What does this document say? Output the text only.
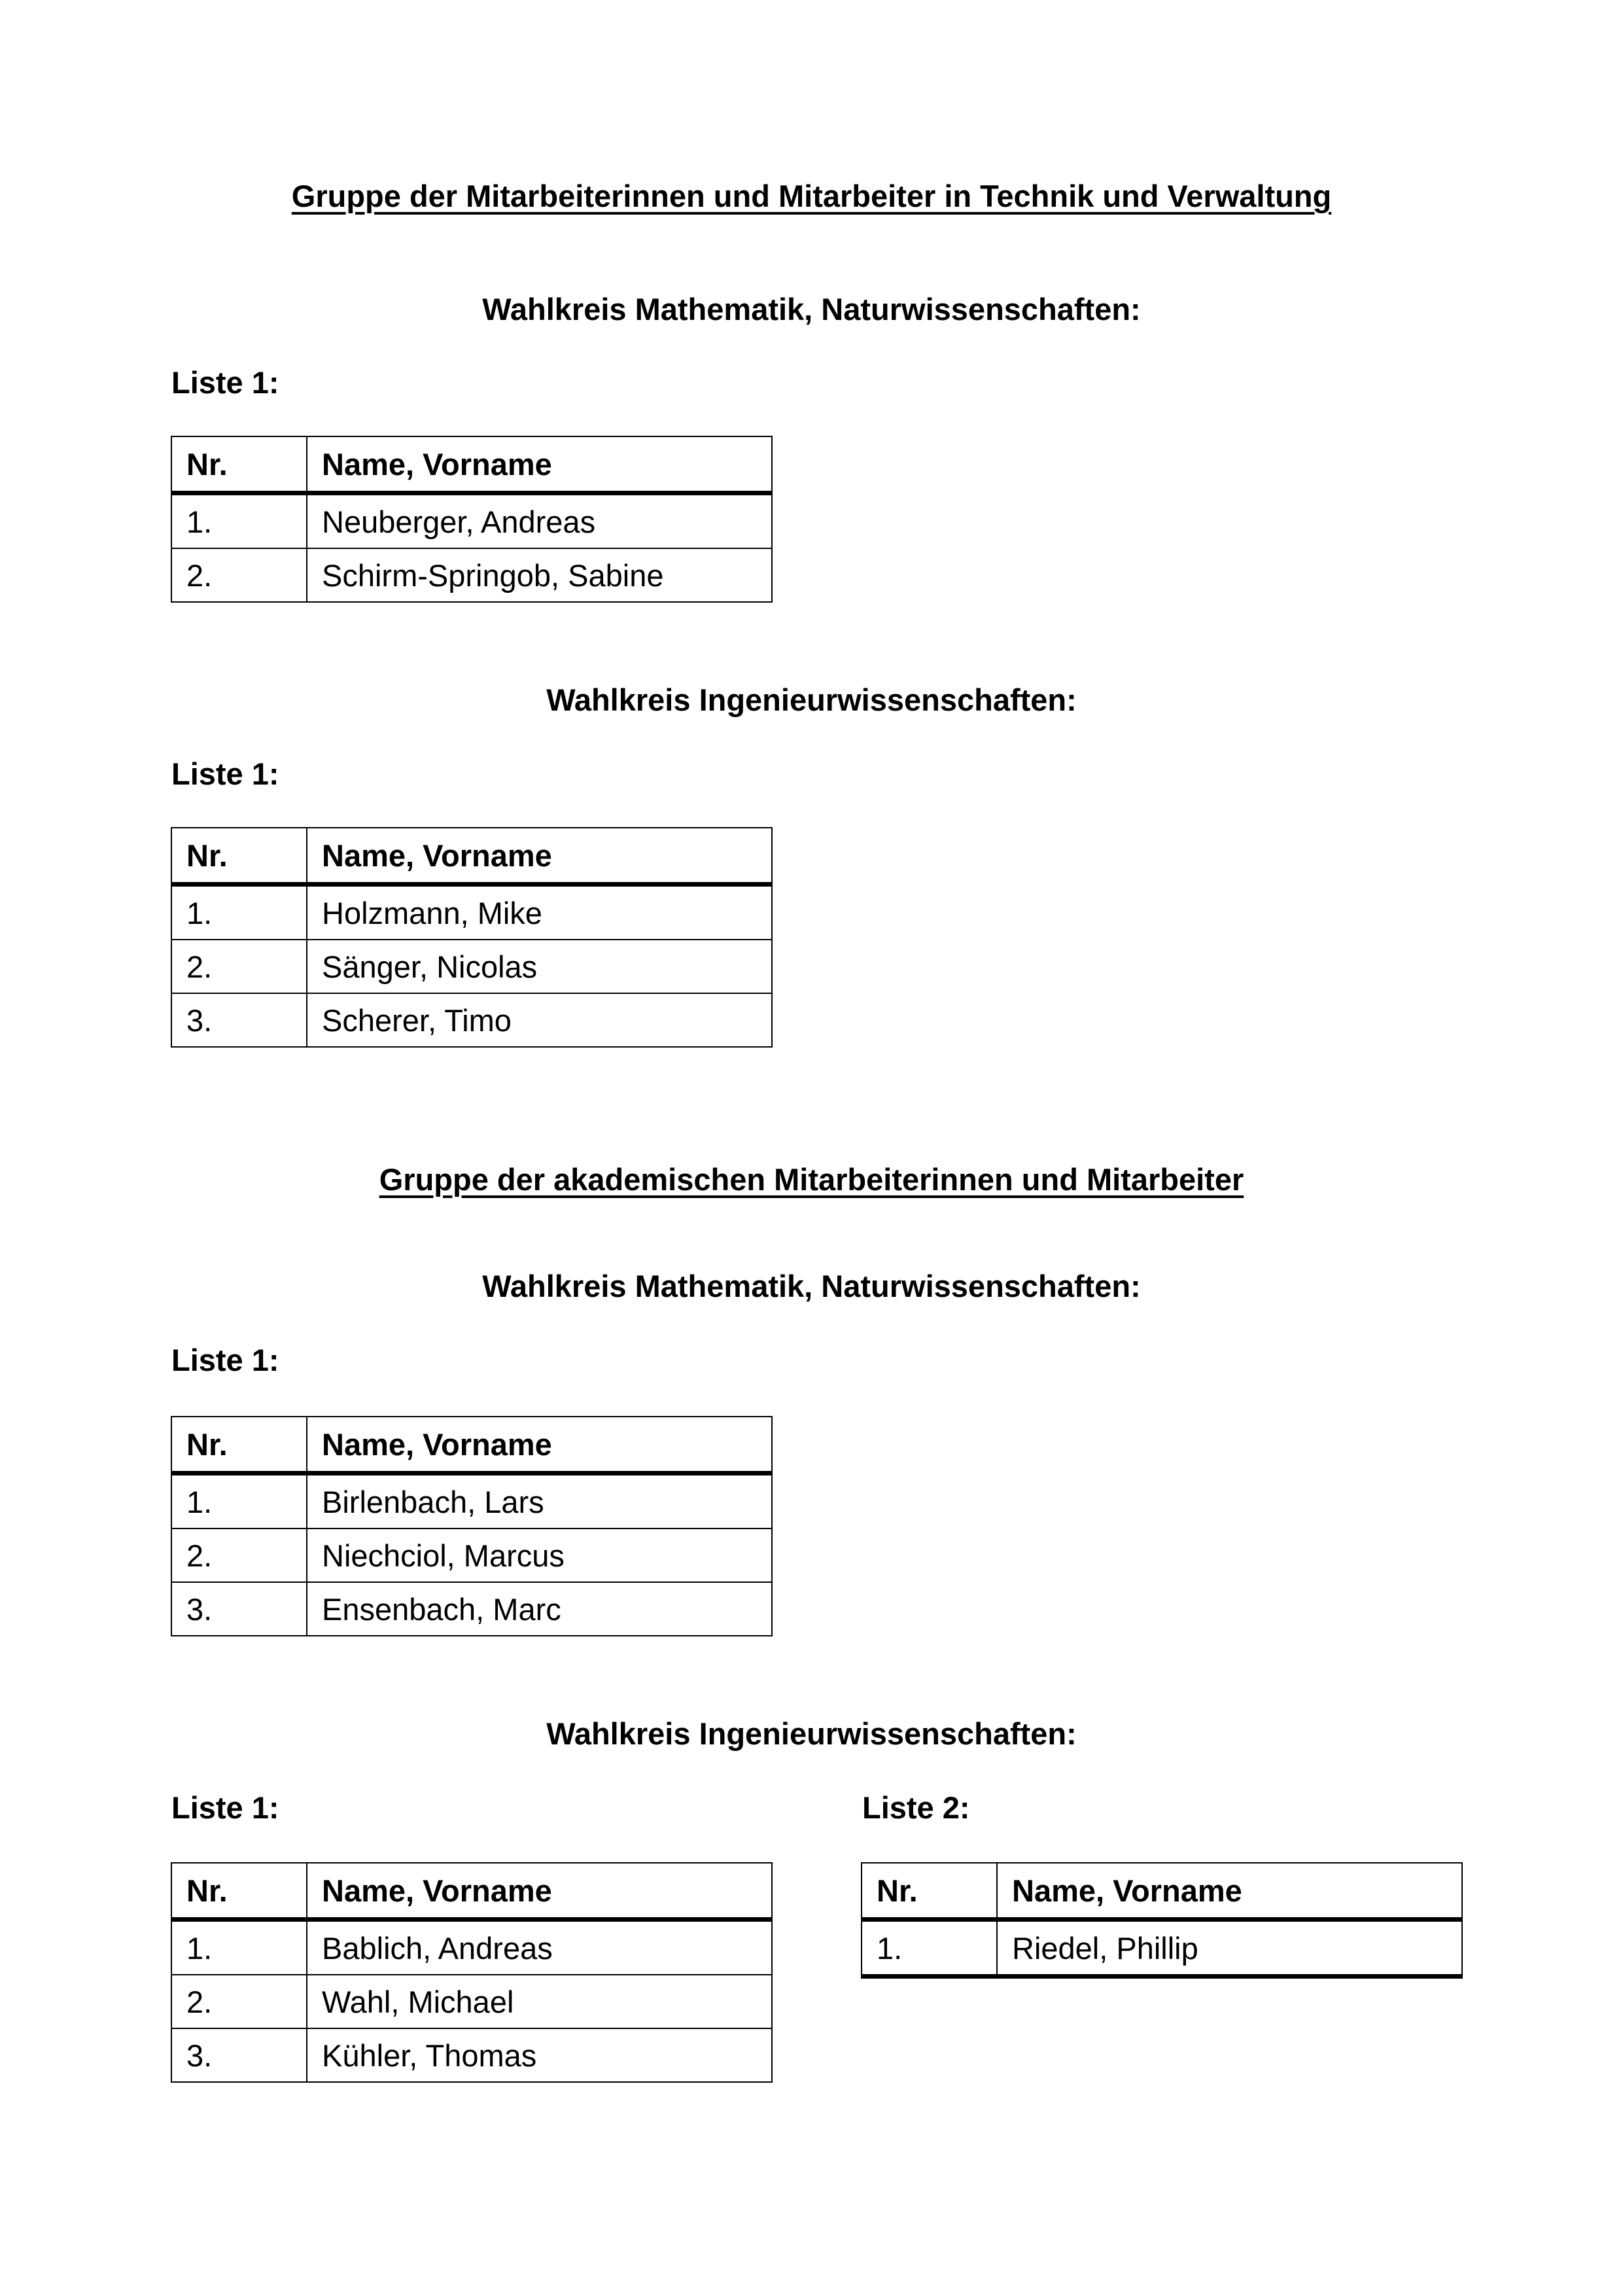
Gruppe der Mitarbeiterinnen und Mitarbeiter in Technik und Verwaltung
Wahlkreis Mathematik, Naturwissenschaften:
Liste 1:
Nr.	Name, Vorname
1.	Neuberger, Andreas
2.	Schirm-Springob, Sabine
Wahlkreis Ingenieurwissenschaften:
Liste 1:
Nr.	Name, Vorname
1.	Holzmann, Mike
2.	Sänger, Nicolas
3.	Scherer, Timo
Gruppe der akademischen Mitarbeiterinnen und Mitarbeiter
Wahlkreis Mathematik, Naturwissenschaften:
Liste 1:
Nr.	Name, Vorname
1.	Birlenbach, Lars
2.	Niechciol, Marcus
3.	Ensenbach, Marc
Wahlkreis Ingenieurwissenschaften:
Liste 1:	Liste 2:
Nr.	Name, Vorname
1.	Bablich, Andreas
2.	Wahl, Michael
3.	Kühler, Thomas
Nr.	Name, Vorname
1.	Riedel, Phillip
